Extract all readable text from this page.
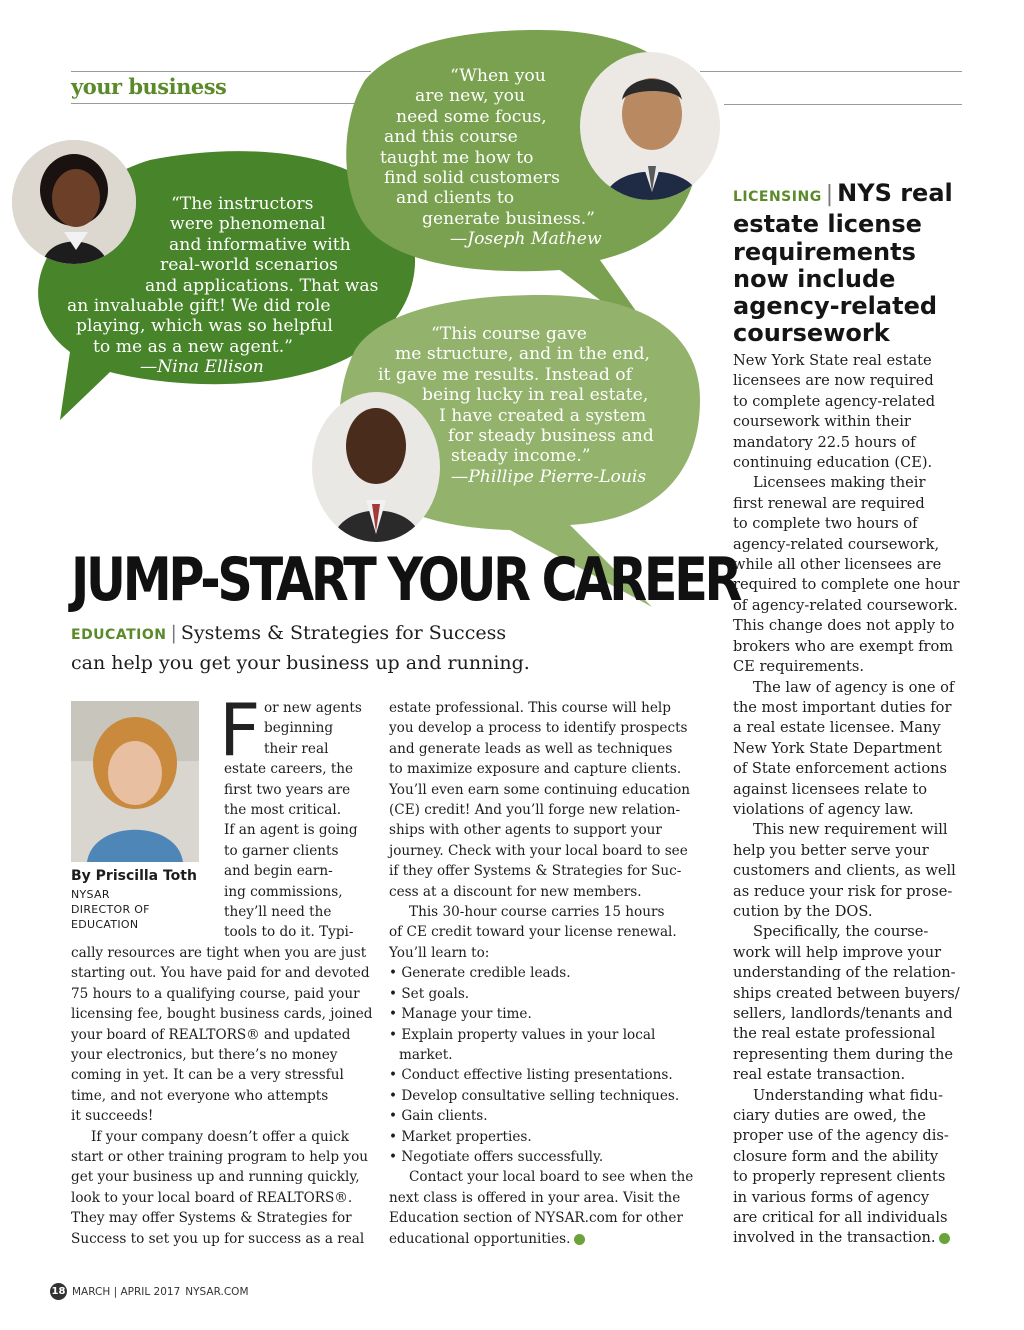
your business
“The instructors
were phenomenal
and informative with
real-world scenarios
and applications. That was
an invaluable gift! We did role
playing, which was so helpful
to me as a new agent.”
—Nina Ellison
“When you
are new, you
need some focus,
and this course
taught me how to
find solid customers
and clients to
generate business.”
—Joseph Mathew
“This course gave
me structure, and in the end,
it gave me results. Instead of
being lucky in real estate,
I have created a system
for steady business and
steady income.”
—Phillipe Pierre-Louis
JUMP-START YOUR CAREER
EDUCATION | Systems & Strategies for Success
can help you get your business up and running.
By Priscilla Toth
NYSAR
DIRECTOR OF
EDUCATION
F or new agents
beginning
their real
estate careers, the
first two years are
the most critical.
If an agent is going
to garner clients
and begin earn-
ing commissions,
they’ll need the
tools to do it. Typi-
cally resources are tight when you are just
starting out. You have paid for and devoted
75 hours to a qualifying course, paid your
licensing fee, bought business cards, joined
your board of REALTORS® and updated
your electronics, but there’s no money
coming in yet. It can be a very stressful
time, and not everyone who attempts
it succeeds!
If your company doesn’t offer a quick
start or other training program to help you
get your business up and running quickly,
look to your local board of REALTORS®.
They may offer Systems & Strategies for
Success to set you up for success as a real
estate professional. This course will help
you develop a process to identify prospects
and generate leads as well as techniques
to maximize exposure and capture clients.
You’ll even earn some continuing education
(CE) credit! And you’ll forge new relation-
ships with other agents to support your
journey. Check with your local board to see
if they offer Systems & Strategies for Suc-
cess at a discount for new members.
This 30-hour course carries 15 hours
of CE credit toward your license renewal.
You’ll learn to:
• Generate credible leads.
• Set goals.
• Manage your time.
• Explain property values in your local
market.
• Conduct effective listing presentations.
• Develop consultative selling techniques.
• Gain clients.
• Market properties.
• Negotiate offers successfully.
Contact your local board to see when the
next class is offered in your area. Visit the
Education section of NYSAR.com for other
educational opportunities.
LICENSING | NYS real
estate license
requirements
now include
agency-related
coursework
New York State real estate
licensees are now required
to complete agency-related
coursework within their
mandatory 22.5 hours of
continuing education (CE).
Licensees making their
first renewal are required
to complete two hours of
agency-related coursework,
while all other licensees are
required to complete one hour
of agency-related coursework.
This change does not apply to
brokers who are exempt from
CE requirements.
The law of agency is one of
the most important duties for
a real estate licensee. Many
New York State Department
of State enforcement actions
against licensees relate to
violations of agency law.
This new requirement will
help you better serve your
customers and clients, as well
as reduce your risk for prose-
cution by the DOS.
Specifically, the course-
work will help improve your
understanding of the relation-
ships created between buyers/
sellers, landlords/tenants and
the real estate professional
representing them during the
real estate transaction.
Understanding what fidu-
ciary duties are owed, the
proper use of the agency dis-
closure form and the ability
to properly represent clients
in various forms of agency
are critical for all individuals
involved in the transaction.
18 MARCH | APRIL 2017 NYSAR.COM
